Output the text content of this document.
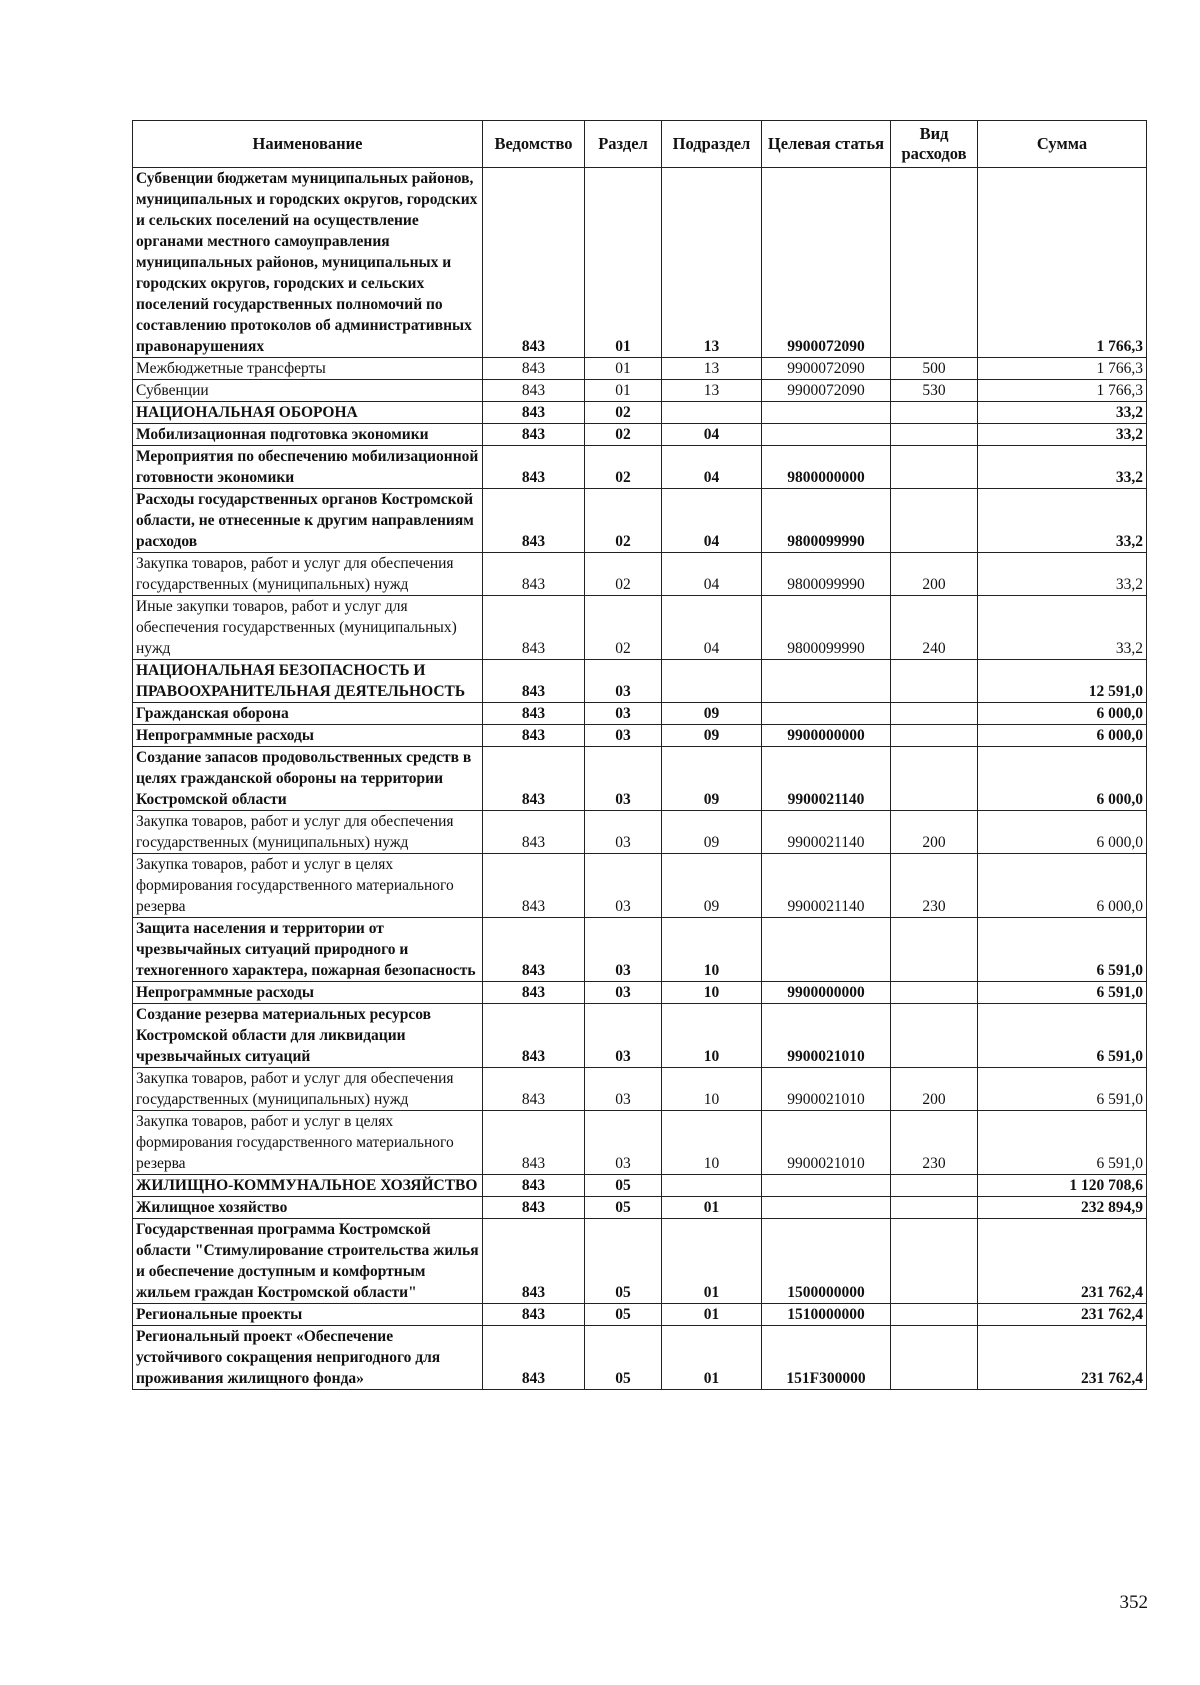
Наименование	Ведомство	Раздел	Подраздел	Целевая статья	Вид расходов	Сумма
Субвенции бюджетам муниципальных районов, муниципальных и городских округов, городских и сельских поселений на осуществление органами местного самоуправления муниципальных районов, муниципальных и городских округов, городских и сельских поселений государственных полномочий по составлению протоколов об административных правонарушениях	843	01	13	9900072090		1 766,3
Межбюджетные трансферты	843	01	13	9900072090	500	1 766,3
Субвенции	843	01	13	9900072090	530	1 766,3
НАЦИОНАЛЬНАЯ ОБОРОНА	843	02				33,2
Мобилизационная подготовка экономики	843	02	04			33,2
Мероприятия по обеспечению мобилизационной готовности экономики	843	02	04	9800000000		33,2
Расходы государственных органов Костромской области, не отнесенные к другим направлениям расходов	843	02	04	9800099990		33,2
Закупка товаров, работ и услуг для обеспечения государственных (муниципальных) нужд	843	02	04	9800099990	200	33,2
Иные закупки товаров, работ и услуг для обеспечения государственных (муниципальных) нужд	843	02	04	9800099990	240	33,2
НАЦИОНАЛЬНАЯ БЕЗОПАСНОСТЬ И ПРАВООХРАНИТЕЛЬНАЯ ДЕЯТЕЛЬНОСТЬ	843	03				12 591,0
Гражданская оборона	843	03	09			6 000,0
Непрограммные расходы	843	03	09	9900000000		6 000,0
Создание запасов продовольственных средств в целях гражданской обороны на территории Костромской области	843	03	09	9900021140		6 000,0
Закупка товаров, работ и услуг для обеспечения государственных (муниципальных) нужд	843	03	09	9900021140	200	6 000,0
Закупка товаров, работ и услуг в целях формирования государственного материального резерва	843	03	09	9900021140	230	6 000,0
Защита населения и территории от чрезвычайных ситуаций природного и техногенного характера, пожарная безопасность	843	03	10			6 591,0
Непрограммные расходы	843	03	10	9900000000		6 591,0
Создание резерва материальных ресурсов Костромской области для ликвидации чрезвычайных ситуаций	843	03	10	9900021010		6 591,0
Закупка товаров, работ и услуг для обеспечения государственных (муниципальных) нужд	843	03	10	9900021010	200	6 591,0
Закупка товаров, работ и услуг в целях формирования государственного материального резерва	843	03	10	9900021010	230	6 591,0
ЖИЛИЩНО-КОММУНАЛЬНОЕ ХОЗЯЙСТВО	843	05				1 120 708,6
Жилищное хозяйство	843	05	01			232 894,9
Государственная программа Костромской области "Стимулирование строительства жилья и обеспечение доступным и комфортным жильем граждан Костромской области"	843	05	01	1500000000		231 762,4
Региональные проекты	843	05	01	1510000000		231 762,4
Региональный проект «Обеспечение устойчивого сокращения непригодного для проживания жилищного фонда»	843	05	01	151F300000		231 762,4
352
